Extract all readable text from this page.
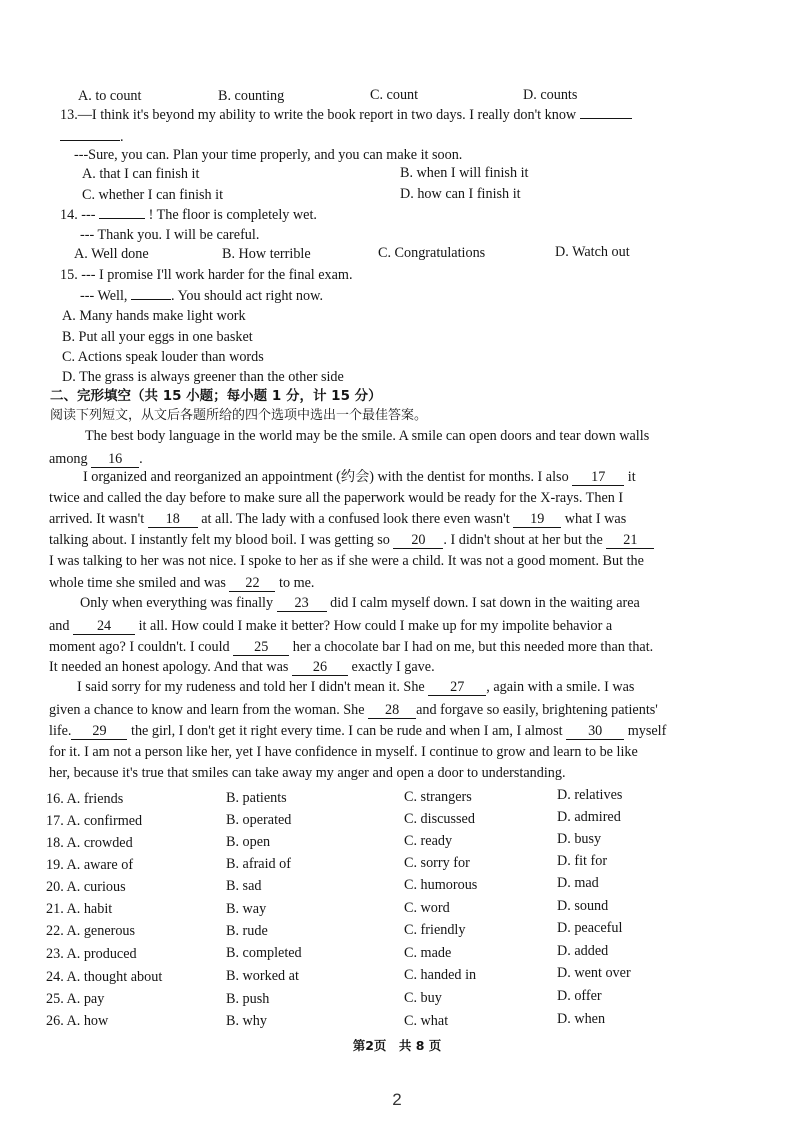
A. to count	B. counting	C. count	D. counts
13.—I think it's beyond my ability to write the book report in two days. I really don't know
.
---Sure, you can. Plan your time properly, and you can make it soon.
A. that I can finish it	B. when I will finish it
C. whether I can finish it	D. how can I finish it
14. ---	! The floor is completely wet.
--- Thank you. I will be careful.
A. Well done	B. How terrible	C. Congratulations	D. Watch out
15. --- I promise I'll work harder for the final exam.
--- Well,	. You should act right now.
A. Many hands make light work
B. Put all your eggs in one basket
C. Actions speak louder than words
D. The grass is always greener than the other side
二、完形填空（共 15 小题；每小题 1 分，计 15 分）
阅读下列短文，从文后各题所给的四个选项中选出一个最佳答案。
The best body language in the world may be the smile. A smile can open doors and tear down walls
among 16 .
I organized and reorganized an appointment (约会) with the dentist for months. I also 17 it
twice and called the day before to make sure all the paperwork would be ready for the X-rays. Then I
arrived. It wasn't 18 at all. The lady with a confused look there even wasn't 19 what I was
talking about. I instantly felt my blood boil. I was getting so 20 . I didn't shout at her but the 21
I was talking to her was not nice. I spoke to her as if she were a child. It was not a good moment. But the
whole time she smiled and was 22 to me.
Only when everything was finally 23 did I calm myself down. I sat down in the waiting area
and 24 it all. How could I make it better? How could I make up for my impolite behavior a
moment ago? I couldn't. I could 25 her a chocolate bar I had on me, but this needed more than that.
It needed an honest apology. And that was 26 exactly I gave.
I said sorry for my rudeness and told her I didn't mean it. She 27 , again with a smile. I was
given a chance to know and learn from the woman. She 28 and forgave so easily, brightening patients'
life. 29 the girl, I don't get it right every time. I can be rude and when I am, I almost 30 myself
for it. I am not a person like her, yet I have confidence in myself. I continue to grow and learn to be like
her, because it's true that smiles can take away my anger and open a door to understanding.
16. A. friends	B. patients	C. strangers	D. relatives
17. A. confirmed	B. operated	C. discussed	D. admired
18. A. crowded	B. open	C. ready	D. busy
19. A. aware of	B. afraid of	C. sorry for	D. fit for
20. A. curious	B. sad	C. humorous	D. mad
21. A. habit	B. way	C. word	D. sound
22. A. generous	B. rude	C. friendly	D. peaceful
23. A. produced	B. completed	C. made	D. added
24. A. thought about	B. worked at	C. handed in	D. went over
25. A. pay	B. push	C. buy	D. offer
26. A. how	B. why	C. what	D. when
第2页　共 8 页
2
